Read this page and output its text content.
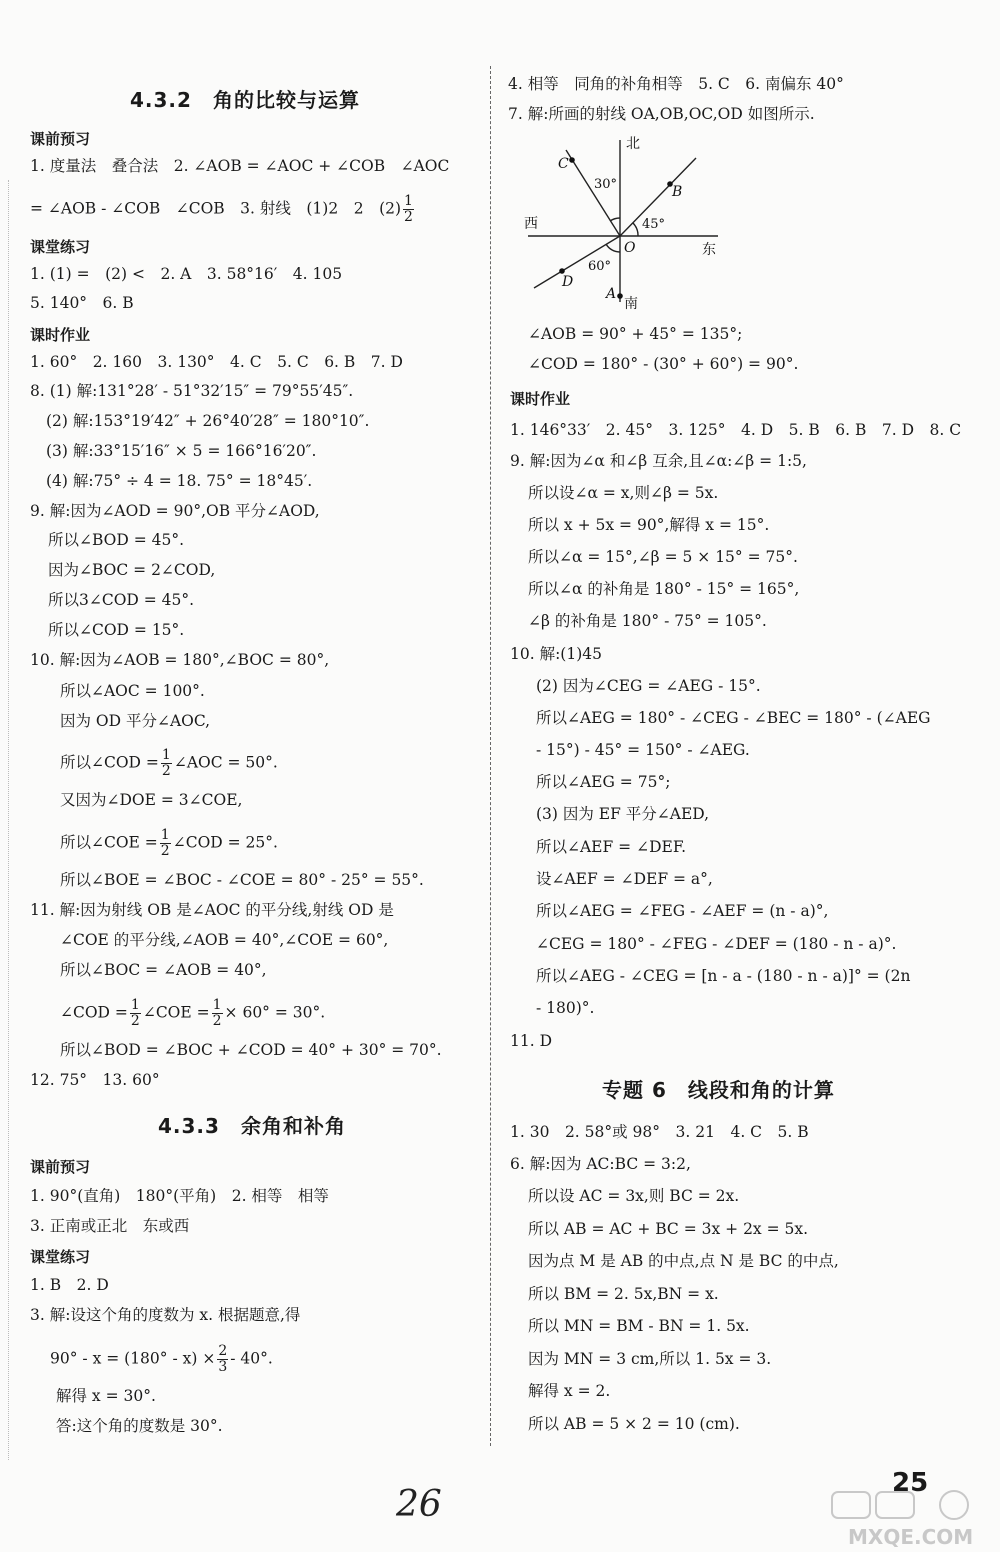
4.3.2　角的比较与运算
课前预习
1. 度量法　叠合法　2. ∠AOB = ∠AOC + ∠COB　∠AOC
= ∠AOB - ∠COB　∠COB　3. 射线　(1)2　2　$(2) \frac{1}{2}$
课堂练习
1. (1) =　(2) <　2. A　3. 58°16′　4. 105
5. 140°　6. B
课时作业
1. 60°　2. 160　3. 130°　4. C　5. C　6. B　7. D
8. (1) 解:131°28′ - 51°32′15″ = 79°55′45″.
(2) 解:153°19′42″ + 26°40′28″ = 180°10″.
(3) 解:33°15′16″ × 5 = 166°16′20″.
(4) 解:75° ÷ 4 = 18. 75° = 18°45′.
9. 解:因为∠AOD = 90°,OB 平分∠AOD,
所以∠BOD = 45°.
因为∠BOC = 2∠COD,
所以3∠COD = 45°.
所以∠COD = 15°.
10. 解:因为∠AOB = 180°,∠BOC = 80°,
所以∠AOC = 100°.
因为 OD 平分∠AOC,
所以∠COD = $\frac{1}{2}$ ∠AOC = 50°.
又因为∠DOE = 3∠COE,
所以∠COE = $\frac{1}{2}$ ∠COD = 25°.
所以∠BOE = ∠BOC - ∠COE = 80° - 25° = 55°.
11. 解:因为射线 OB 是∠AOC 的平分线,射线 OD 是
∠COE 的平分线,∠AOB = 40°,∠COE = 60°,
所以∠BOC = ∠AOB = 40°,
∠COD = $\frac{1}{2}$ ∠COE = $\frac{1}{2} \times 60^\circ = 30^\circ$.
所以∠BOD = ∠BOC + ∠COD = 40° + 30° = 70°.
12. 75°　13. 60°
4.3.3　余角和补角
课前预习
1. 90°(直角)　180°(平角)　2. 相等　相等
3. 正南或正北　东或西
课堂练习
1. B　2. D
3. 解:设这个角的度数为 x. 根据题意,得
$90^\circ - x = (180^\circ - x) \times \frac{2}{3} - 40^\circ$.
解得 x = 30°.
答:这个角的度数是 30°.
4. 相等　同角的补角相等　5. C　6. 南偏东 40°
7. 解:所画的射线 OA,OB,OC,OD 如图所示.
北
南
西
东
O
A
B
C
D
30°
45°
60°
∠AOB = 90° + 45° = 135°;
∠COD = 180° - (30° + 60°) = 90°.
课时作业
1. 146°33′　2. 45°　3. 125°　4. D　5. B　6. B　7. D　8. C
9. 解:因为∠α 和∠β 互余,且∠α:∠β = 1:5,
所以设∠α = x,则∠β = 5x.
所以 x + 5x = 90°,解得 x = 15°.
所以∠α = 15°,∠β = 5 × 15° = 75°.
所以∠α 的补角是 180° - 15° = 165°,
∠β 的补角是 180° - 75° = 105°.
10. 解:(1)45
(2) 因为∠CEG = ∠AEG - 15°.
所以∠AEG = 180° - ∠CEG - ∠BEC = 180° - (∠AEG
- 15°) - 45° = 150° - ∠AEG.
所以∠AEG = 75°;
(3) 因为 EF 平分∠AED,
所以∠AEF = ∠DEF.
设∠AEF = ∠DEF = a°,
所以∠AEG = ∠FEG - ∠AEF = (n - a)°,
∠CEG = 180° - ∠FEG - ∠DEF = (180 - n - a)°.
所以∠AEG - ∠CEG = [n - a - (180 - n - a)]° = (2n
- 180)°.
11. D
专题 6　线段和角的计算
1. 30　2. 58°或 98°　3. 21　4. C　5. B
6. 解:因为 AC:BC = 3:2,
所以设 AC = 3x,则 BC = 2x.
所以 AB = AC + BC = 3x + 2x = 5x.
因为点 M 是 AB 的中点,点 N 是 BC 的中点,
所以 BM = 2. 5x,BN = x.
所以 MN = BM - BN = 1. 5x.
因为 MN = 3 cm,所以 1. 5x = 3.
解得 x = 2.
所以 AB = 5 × 2 = 10 (cm).
26
25
MXQE.COM
